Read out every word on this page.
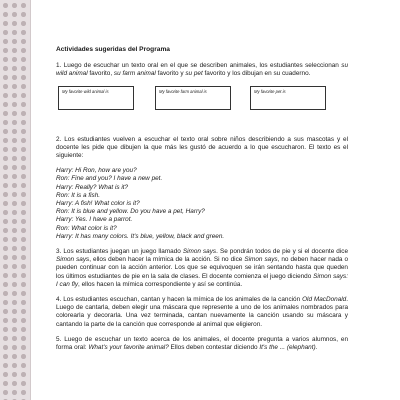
Actividades sugeridas del Programa

1. Luego de escuchar un texto oral en el que se describen animales, los estudiantes seleccionan su wild animal favorito, su farm animal favorito y su pet favorito y los dibujan en su cuaderno.

My favorite wild animal is	My favorite farm animal is	My favorite pet is

2. Los estudiantes vuelven a escuchar el texto oral sobre niños describiendo a sus mascotas y el docente les pide que dibujen la que más les gustó de acuerdo a lo que escucharon. El texto es el siguiente:

Harry: Hi Ron, how are you?

Ron: Fine and you? I have a new pet.

Harry: Really? What is it?

Ron: It is a fish.

Harry: A fish! What color is it?

Ron: It is blue and yellow. Do you have a pet, Harry?

Harry: Yes. I have a parrot.

Ron: What color is it?

Harry: It has many colors. It's blue, yellow, black and green.

3. Los estudiantes juegan un juego llamado Simon says. Se pondrán todos de pie y si el docente dice Simon says, ellos deben hacer la mímica de la acción. Si no dice Simon says, no deben hacer nada o pueden continuar con la acción anterior. Los que se equivoquen se irán sentando hasta que queden los últimos estudiantes de pie en la sala de clases. El docente comienza el juego diciendo Simon says: I can fly, ellos hacen la mímica correspondiente y así se continúa.

4. Los estudiantes escuchan, cantan y hacen la mímica de los animales de la canción Old MacDonald. Luego de cantarla, deben elegir una máscara que represente a uno de los animales nombrados para colorearla y decorarla. Una vez terminada, cantan nuevamente la canción usando su máscara y cantando la parte de la canción que corresponde al animal que eligieron.

5. Luego de escuchar un texto acerca de los animales, el docente pregunta a varios alumnos, en forma oral: What's your favorite animal? Ellos deben contestar diciendo It's the ... (elephant).
